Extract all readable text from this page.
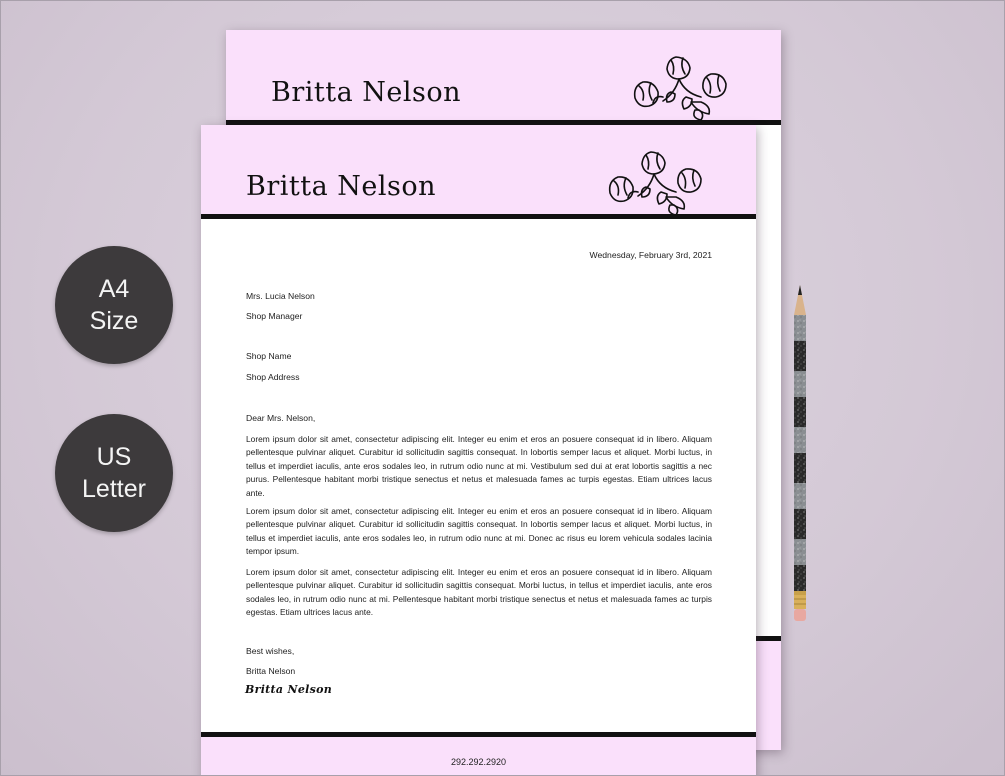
Britta Nelson
Britta Nelson
Wednesday, February 3rd, 2021
Mrs. Lucia Nelson
Shop Manager
Shop Name
Shop Address
Dear Mrs. Nelson,
Lorem ipsum dolor sit amet, consectetur adipiscing elit. Integer eu enim et eros an posuere consequat id in libero. Aliquam pellentesque pulvinar aliquet. Curabitur id sollicitudin sagittis consequat. In lobortis semper lacus et aliquet. Morbi luctus, in tellus et imperdiet iaculis, ante eros sodales leo, in rutrum odio nunc at mi. Vestibulum sed dui at erat lobortis sagittis a nec purus. Pellentesque habitant morbi tristique senectus et netus et malesuada fames ac turpis egestas. Etiam ultrices lacus ante.
Lorem ipsum dolor sit amet, consectetur adipiscing elit. Integer eu enim et eros an posuere consequat id in libero. Aliquam pellentesque pulvinar aliquet. Curabitur id sollicitudin sagittis consequat. In lobortis semper lacus et aliquet. Morbi luctus, in tellus et imperdiet iaculis, ante eros sodales leo, in rutrum odio nunc at mi. Donec ac risus eu lorem vehicula sodales lacinia tempor ipsum.
Lorem ipsum dolor sit amet, consectetur adipiscing elit. Integer eu enim et eros an posuere consequat id in libero. Aliquam pellentesque pulvinar aliquet. Curabitur id sollicitudin sagittis consequat. Morbi luctus, in tellus et imperdiet iaculis, ante eros sodales leo, in rutrum odio nunc at mi. Pellentesque habitant morbi tristique senectus et netus et malesuada fames ac turpis egestas. Etiam ultrices lacus ante.
Best wishes,
Britta Nelson
Britta Nelson
292.292.2920
A4
Size
US
Letter
